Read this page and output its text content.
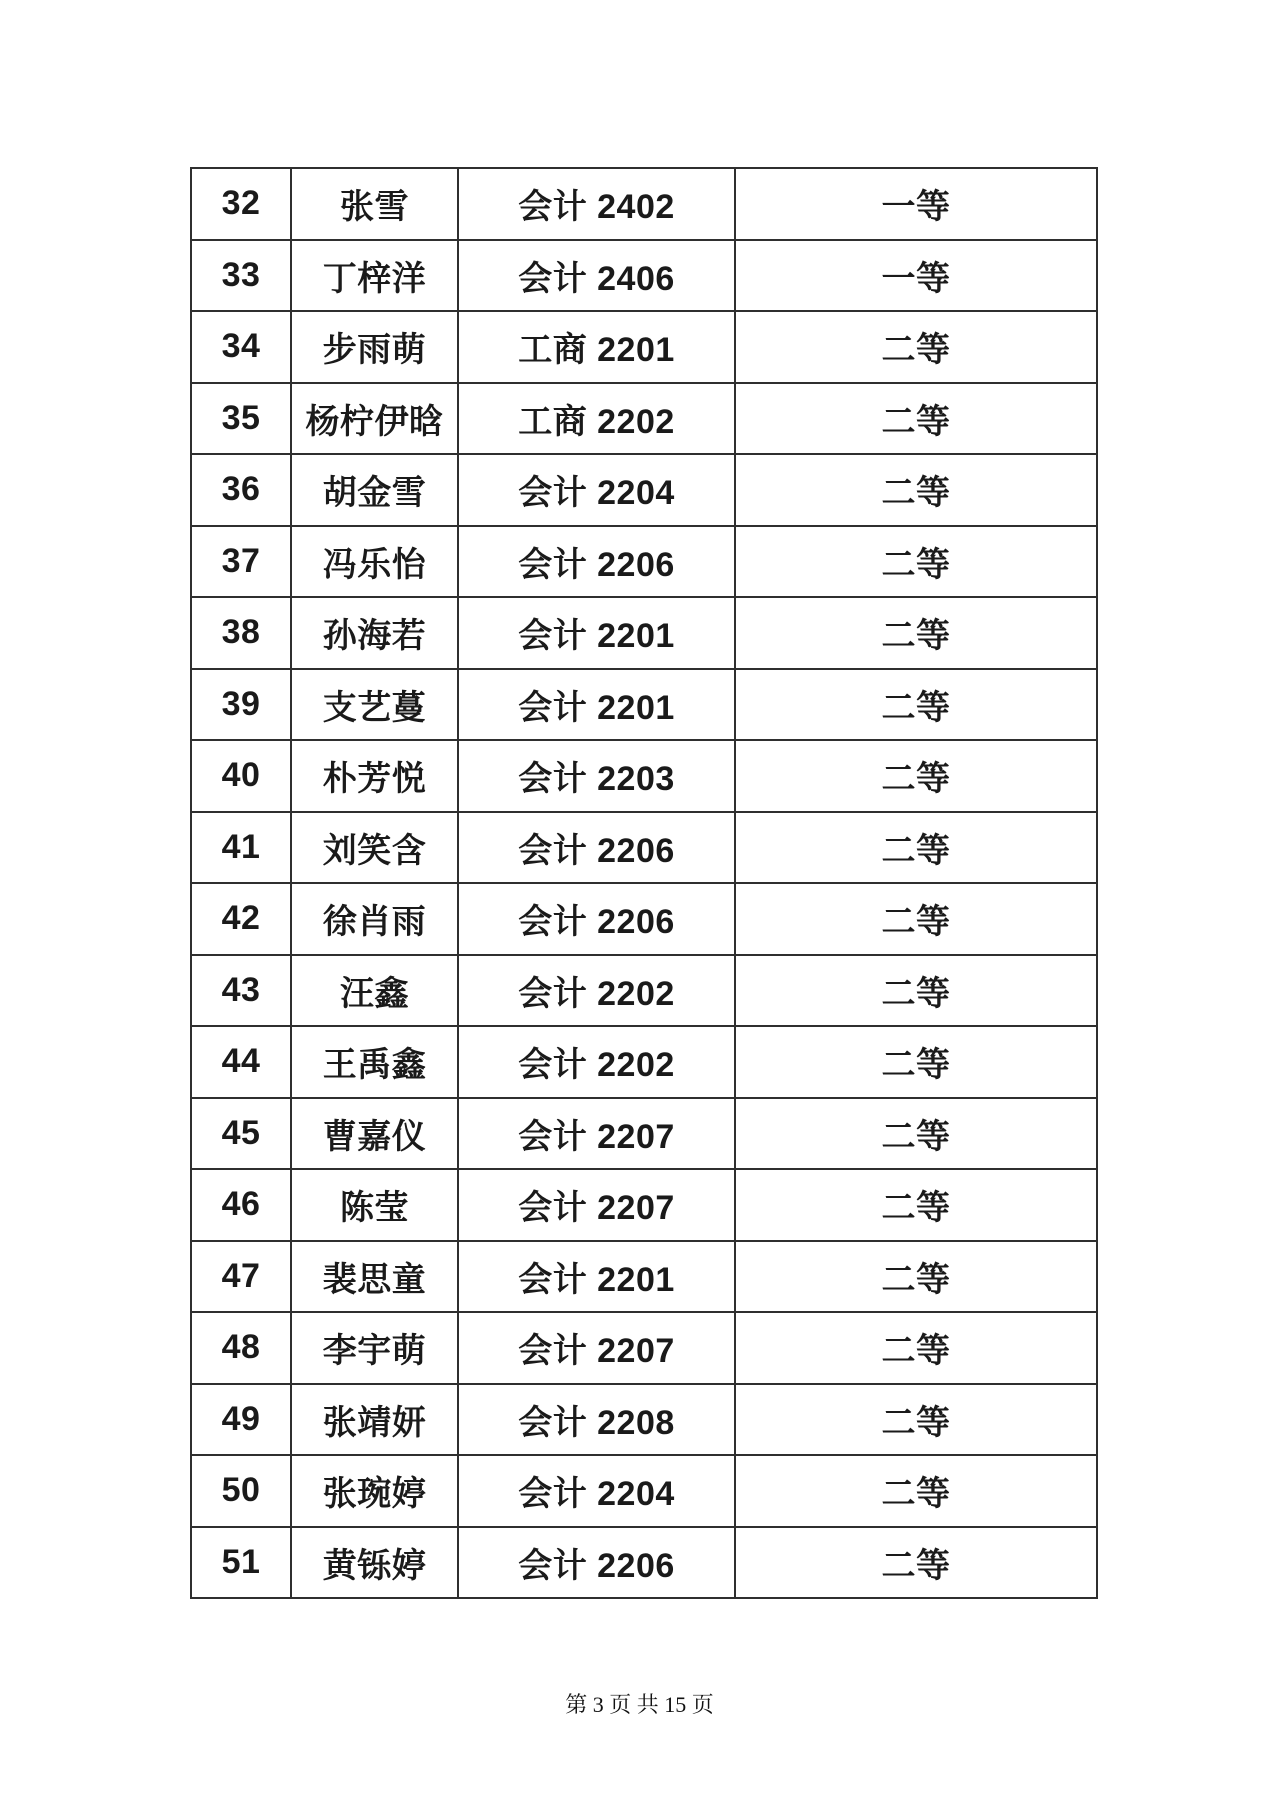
32	张雪	会计 2402	一等
33	丁梓洋	会计 2406	一等
34	步雨萌	工商 2201	二等
35	杨柠伊晗	工商 2202	二等
36	胡金雪	会计 2204	二等
37	冯乐怡	会计 2206	二等
38	孙海若	会计 2201	二等
39	支艺蔓	会计 2201	二等
40	朴芳悦	会计 2203	二等
41	刘笑含	会计 2206	二等
42	徐肖雨	会计 2206	二等
43	汪鑫	会计 2202	二等
44	王禹鑫	会计 2202	二等
45	曹嘉仪	会计 2207	二等
46	陈莹	会计 2207	二等
47	裴思童	会计 2201	二等
48	李宇萌	会计 2207	二等
49	张靖妍	会计 2208	二等
50	张琬婷	会计 2204	二等
51	黄铄婷	会计 2206	二等
第 3 页 共 15 页
